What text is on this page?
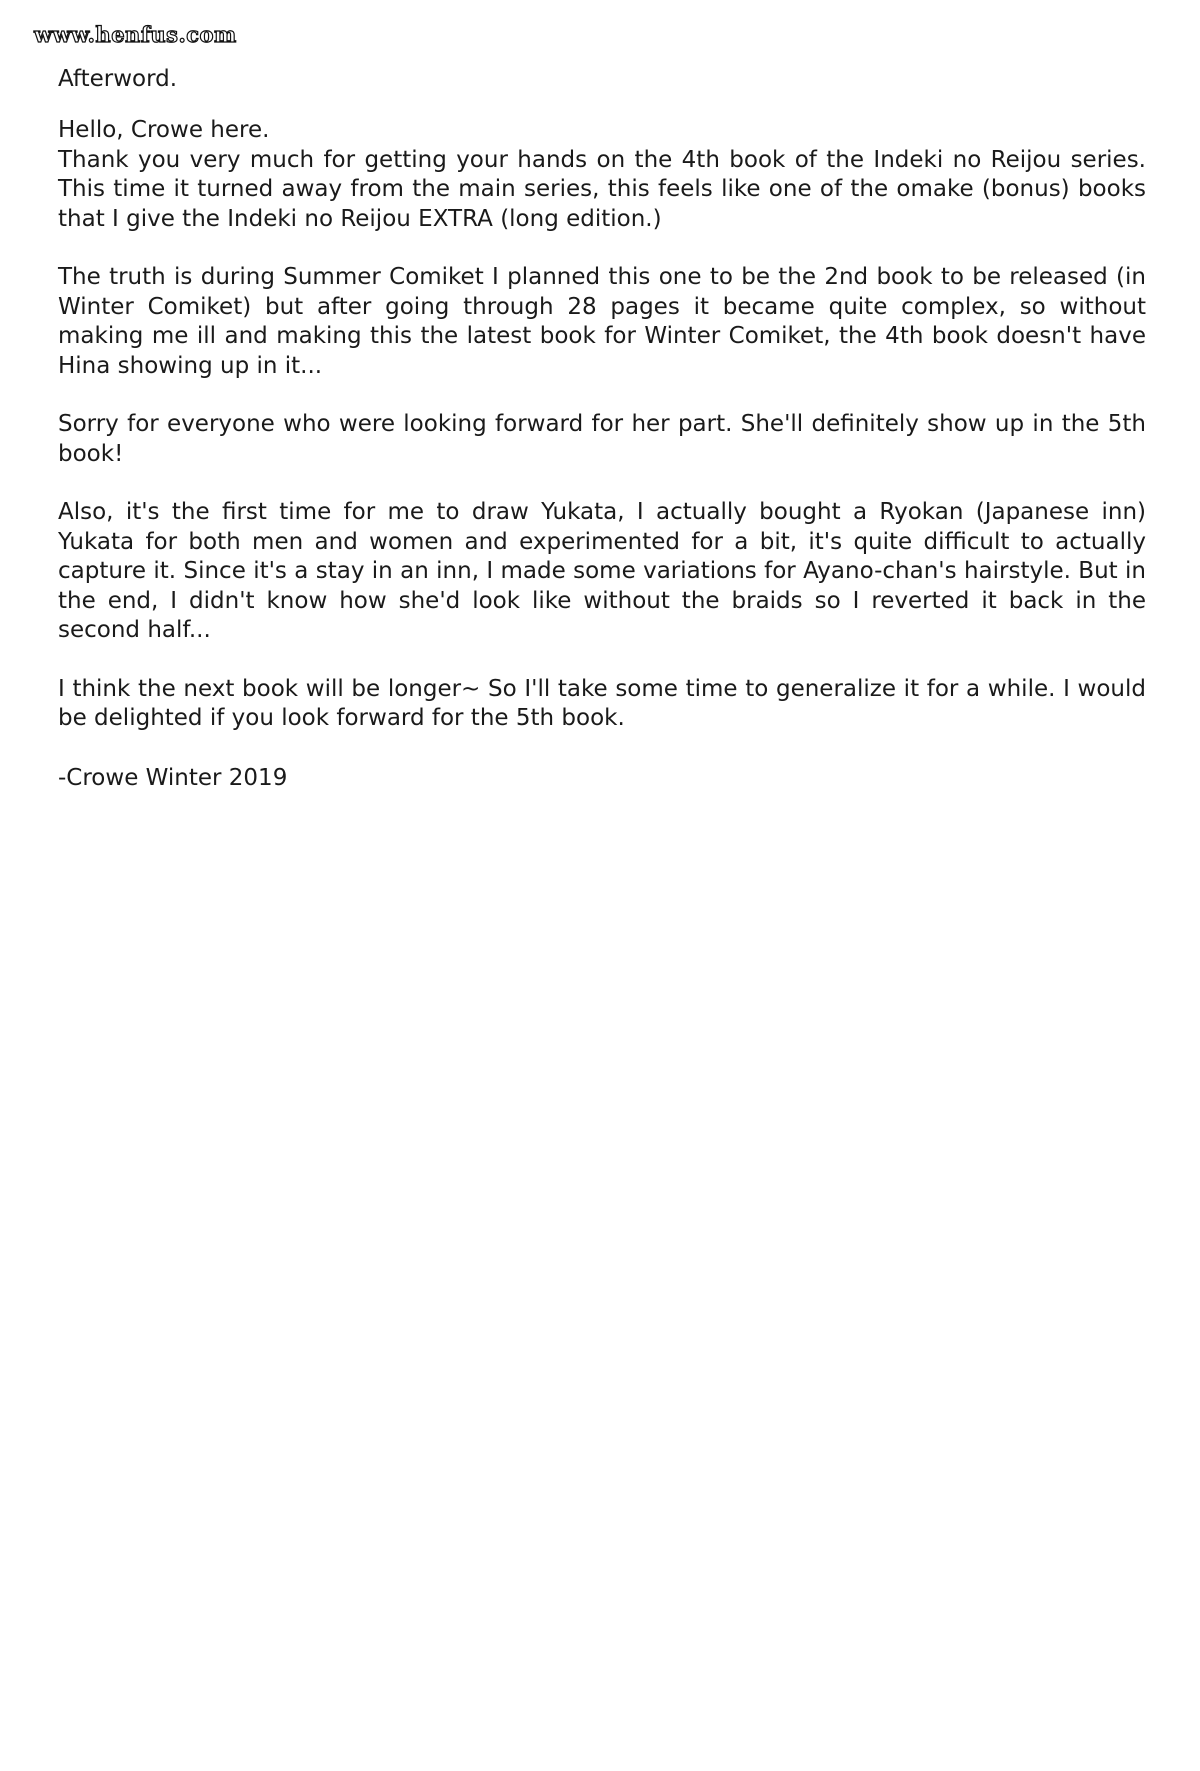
www.henfus.com
Afterword.
Hello, Crowe here.
Thank you very much for getting your hands on the 4th book of the Indeki no Reijou series. This time it turned away from the main series, this feels like one of the omake (bonus) books that I give the Indeki no Reijou EXTRA (long edition.)
The truth is during Summer Comiket I planned this one to be the 2nd book to be released (in Winter Comiket) but after going through 28 pages it became quite complex, so without making me ill and making this the latest book for Winter Comiket, the 4th book doesn't have Hina showing up in it...
Sorry for everyone who were looking forward for her part. She'll definitely show up in the 5th book!
Also, it's the first time for me to draw Yukata, I actually bought a Ryokan (Japanese inn) Yukata for both men and women and experimented for a bit, it's quite difficult to actually capture it. Since it's a stay in an inn, I made some variations for Ayano-chan's hairstyle. But in the end, I didn't know how she'd look like without the braids so I reverted it back in the second half...
I think the next book will be longer~ So I'll take some time to generalize it for a while. I would be delighted if you look forward for the 5th book.
-Crowe Winter 2019
